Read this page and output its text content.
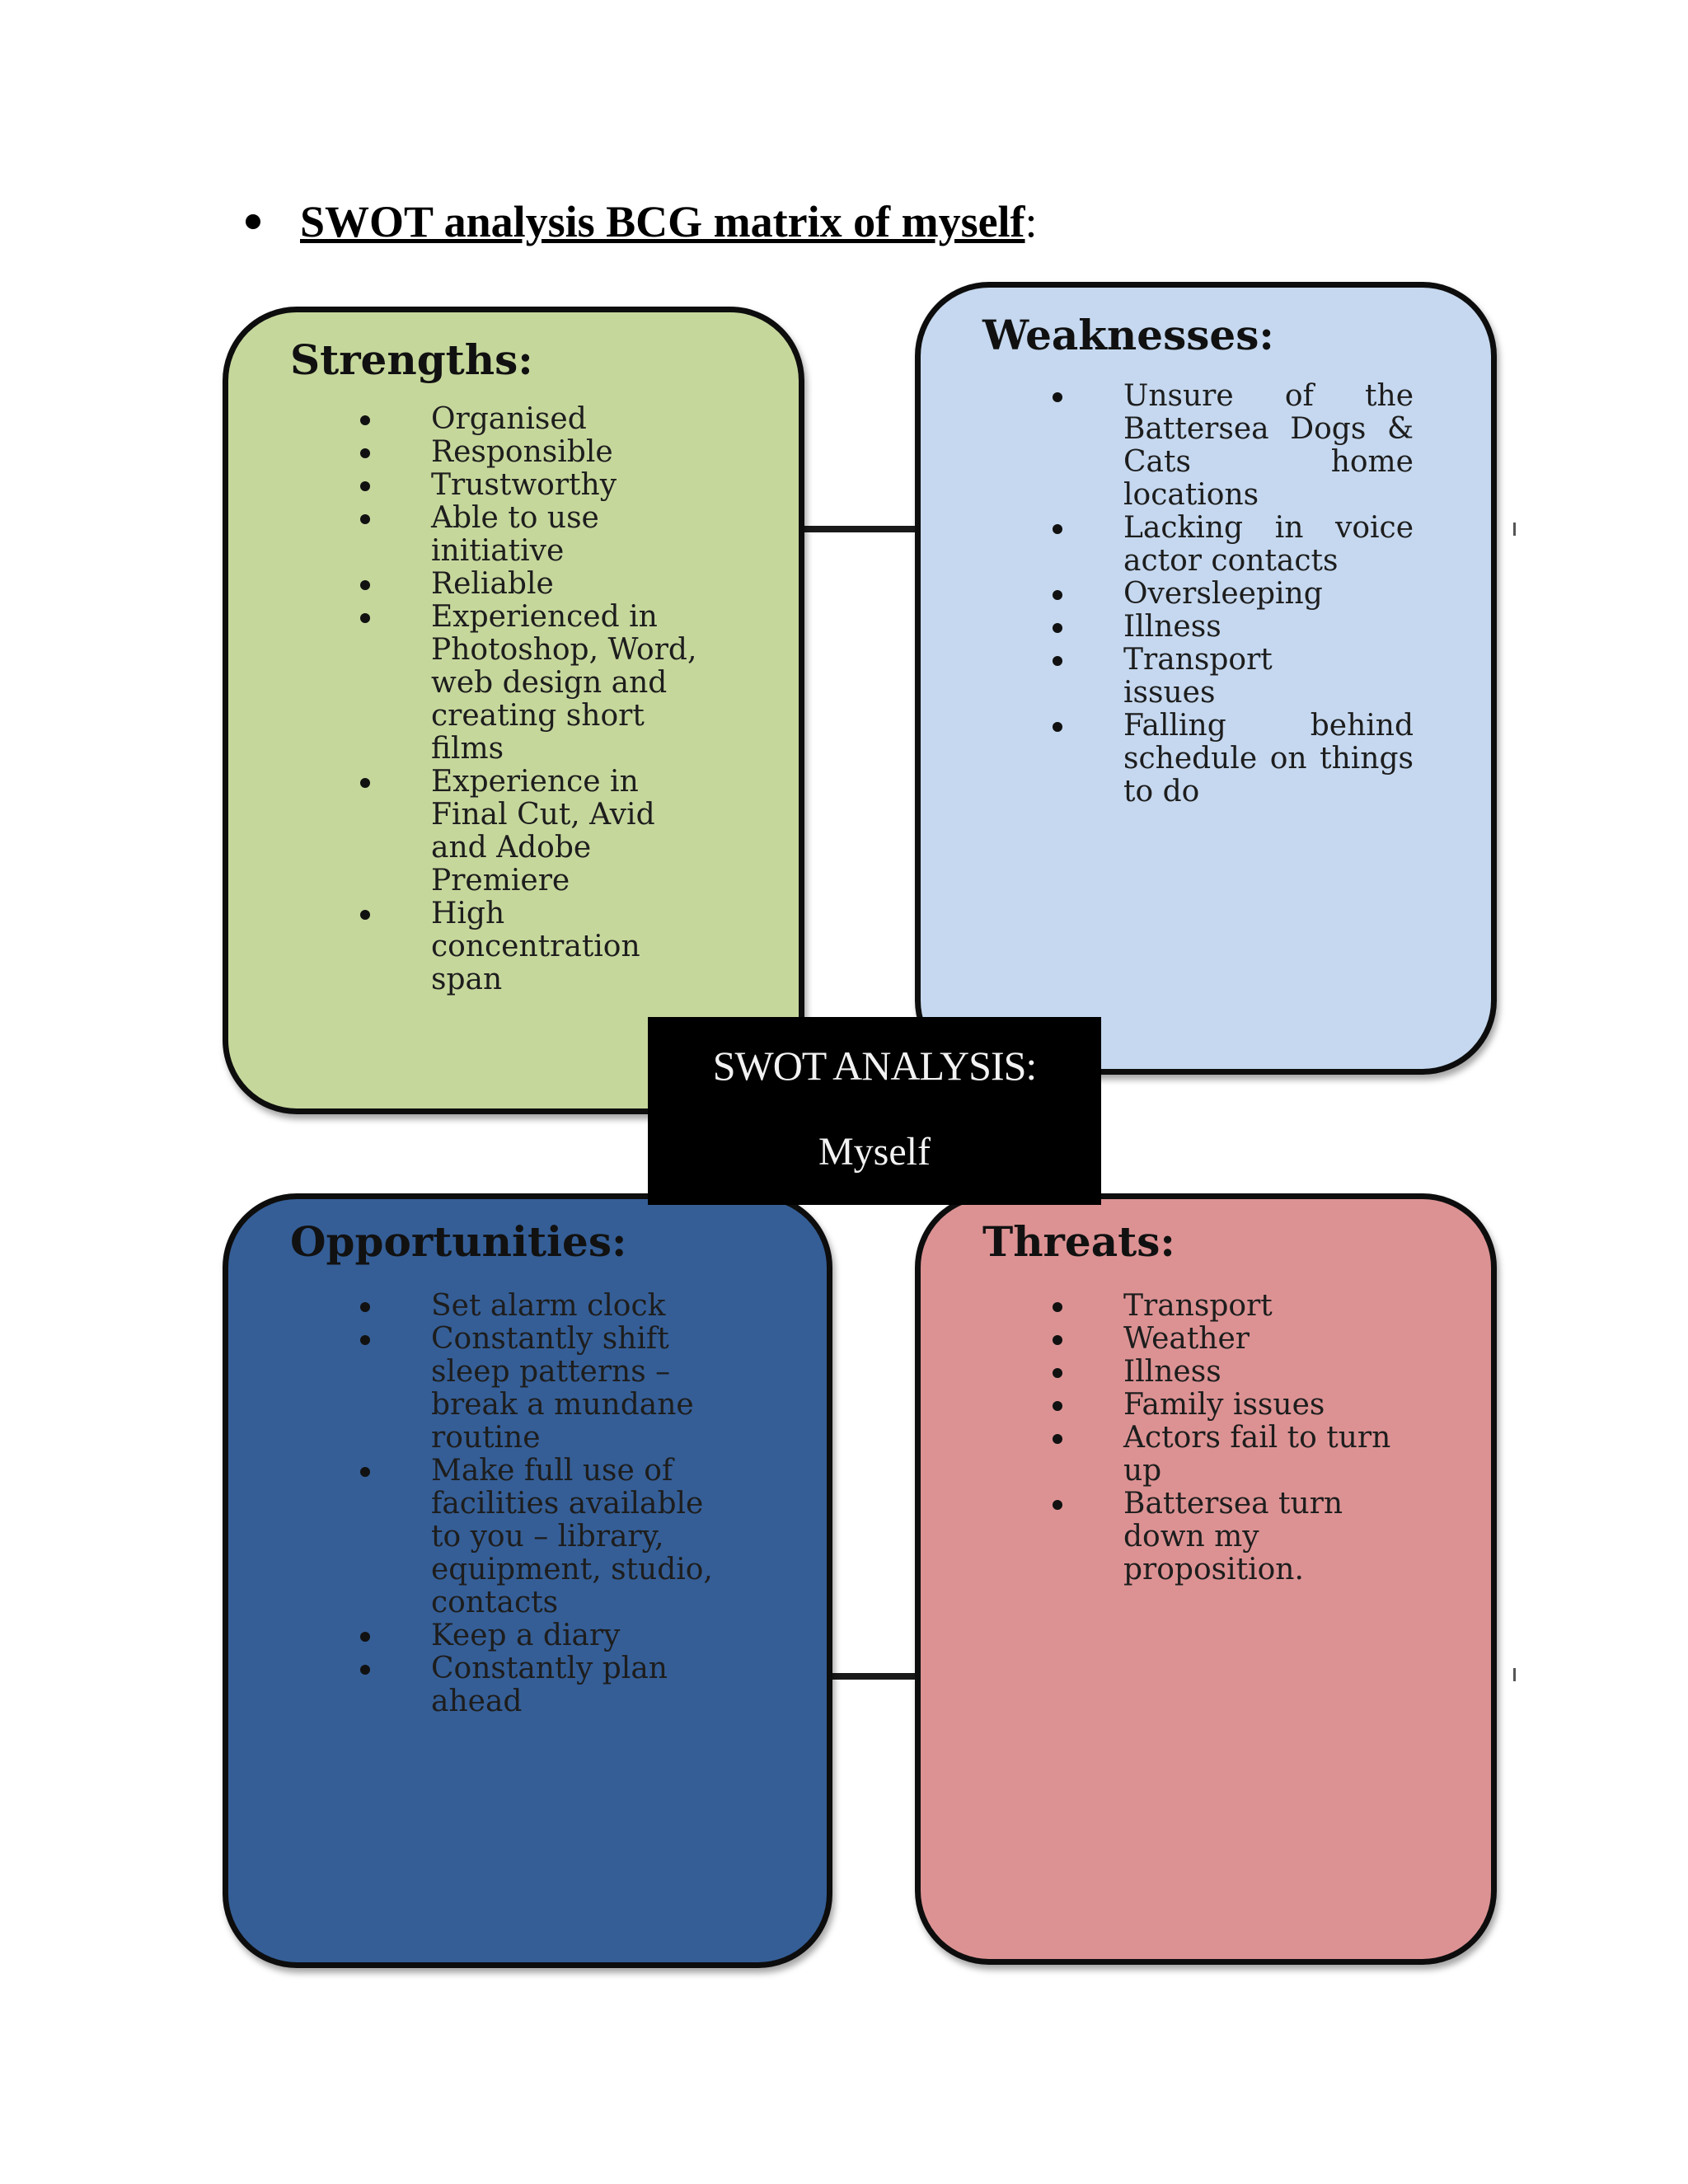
SWOT analysis BCG matrix of myself :
Strengths:
Organised
Responsible
Trustworthy
Able to use initiative
Reliable
Experienced in Photoshop, Word, web design and creating short films
Experience in Final Cut, Avid and Adobe Premiere
High concentration span
Weaknesses:
Unsure of the Battersea Dogs & Cats home locations
Lacking in voice actor contacts
Oversleeping
Illness
Transport issues
Falling behind schedule on things to do
Opportunities:
Set alarm clock
Constantly shift sleep patterns – break a mundane routine
Make full use of facilities available to you – library, equipment, studio, contacts
Keep a diary
Constantly plan ahead
Threats:
Transport
Weather
Illness
Family issues
Actors fail to turn up
Battersea turn down my proposition.
SWOT ANALYSIS:
Myself
